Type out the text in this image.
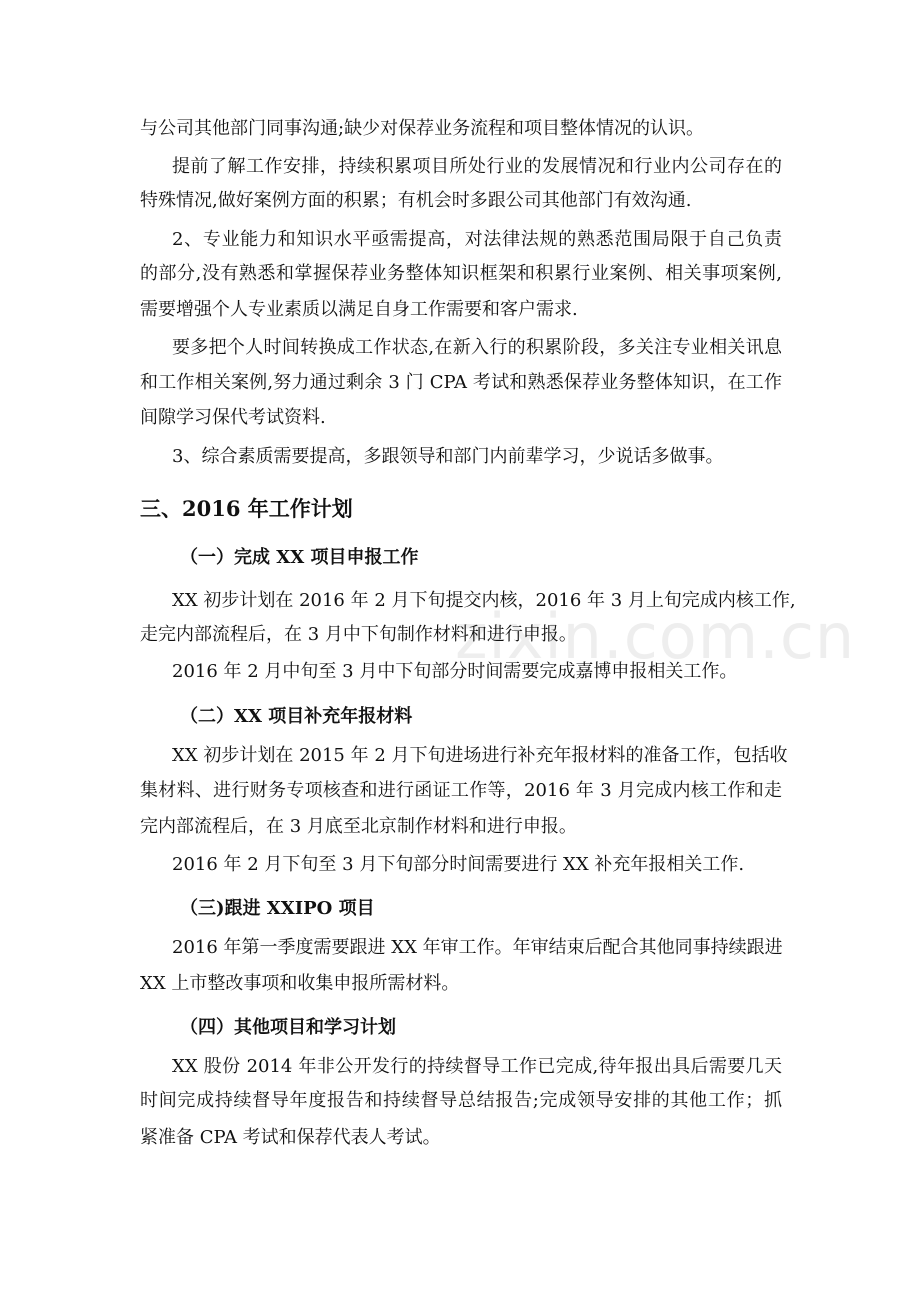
zixin.com.cn
与公司其他部门同事沟通;缺少对保荐业务流程和项目整体情况的认识。
提前了解工作安排，持续积累项目所处行业的发展情况和行业内公司存在的
特殊情况,做好案例方面的积累；有机会时多跟公司其他部门有效沟通.
2、专业能力和知识水平亟需提高，对法律法规的熟悉范围局限于自己负责
的部分,没有熟悉和掌握保荐业务整体知识框架和积累行业案例、相关事项案例,
需要增强个人专业素质以满足自身工作需要和客户需求.
要多把个人时间转换成工作状态,在新入行的积累阶段，多关注专业相关讯息
和工作相关案例,努力通过剩余 3 门 CPA 考试和熟悉保荐业务整体知识，在工作
间隙学习保代考试资料.
3、综合素质需要提高，多跟领导和部门内前辈学习，少说话多做事。
三、2016 年工作计划
（一）完成 XX 项目申报工作
XX 初步计划在 2016 年 2 月下旬提交内核，2016 年 3 月上旬完成内核工作,
走完内部流程后，在 3 月中下旬制作材料和进行申报。
2016 年 2 月中旬至 3 月中下旬部分时间需要完成嘉博申报相关工作。
（二）XX 项目补充年报材料
XX 初步计划在 2015 年 2 月下旬进场进行补充年报材料的准备工作，包括收
集材料、进行财务专项核查和进行函证工作等，2016 年 3 月完成内核工作和走
完内部流程后，在 3 月底至北京制作材料和进行申报。
2016 年 2 月下旬至 3 月下旬部分时间需要进行 XX 补充年报相关工作.
（三)跟进 XXIPO 项目
2016 年第一季度需要跟进 XX 年审工作。年审结束后配合其他同事持续跟进
XX 上市整改事项和收集申报所需材料。
（四）其他项目和学习计划
XX 股份 2014 年非公开发行的持续督导工作已完成,待年报出具后需要几天
时间完成持续督导年度报告和持续督导总结报告;完成领导安排的其他工作；抓
紧准备 CPA 考试和保荐代表人考试。
